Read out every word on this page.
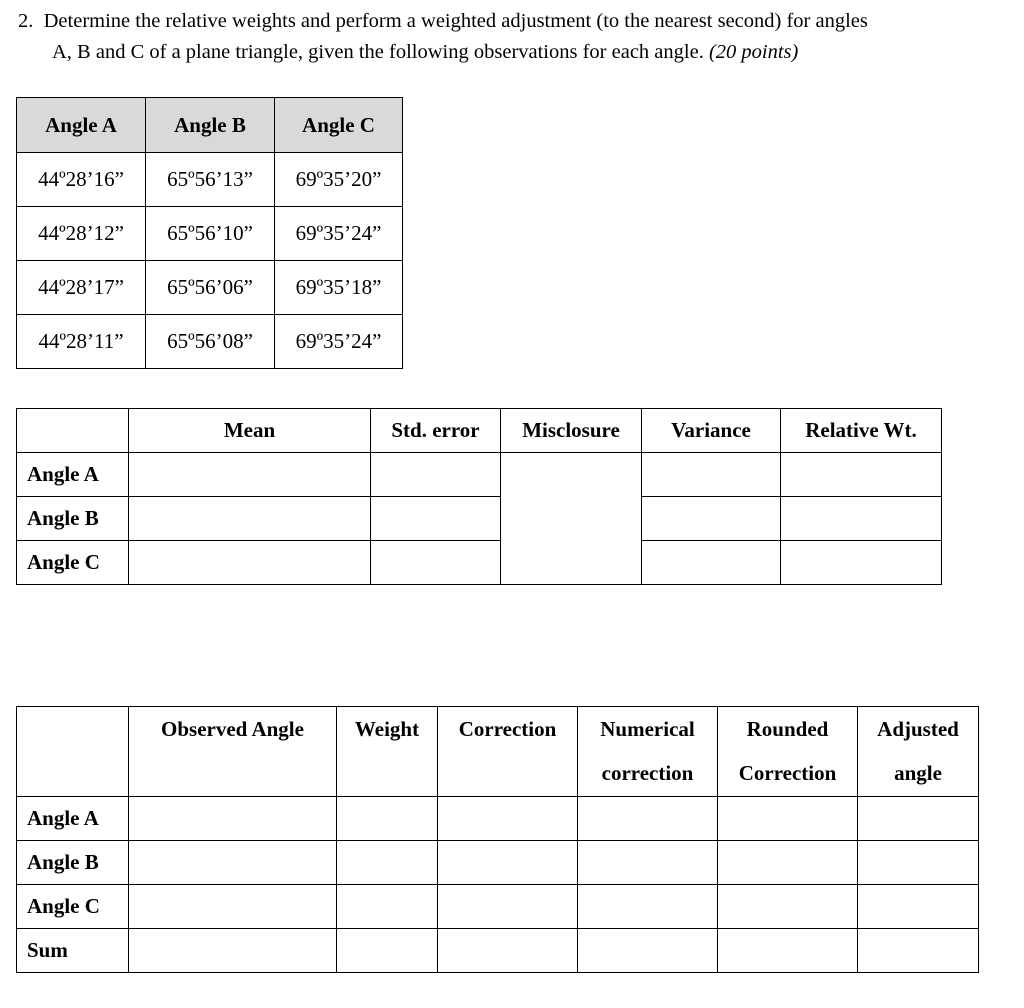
2. Determine the relative weights and perform a weighted adjustment (to the nearest second) for angles
A, B and C of a plane triangle, given the following observations for each angle. (20 points)
Angle A	Angle B	Angle C
44º28’16”	65º56’13”	69º35’20”
44º28’12”	65º56’10”	69º35’24”
44º28’17”	65º56’06”	69º35’18”
44º28’11”	65º56’08”	69º35’24”
	Mean	Std. error	Misclosure	Variance	Relative Wt.
Angle A					
Angle B					
Angle C					
	Observed Angle	Weight	Correction	Numerical correction	Rounded Correction	Adjusted angle
Angle A						
Angle B						
Angle C						
Sum						
